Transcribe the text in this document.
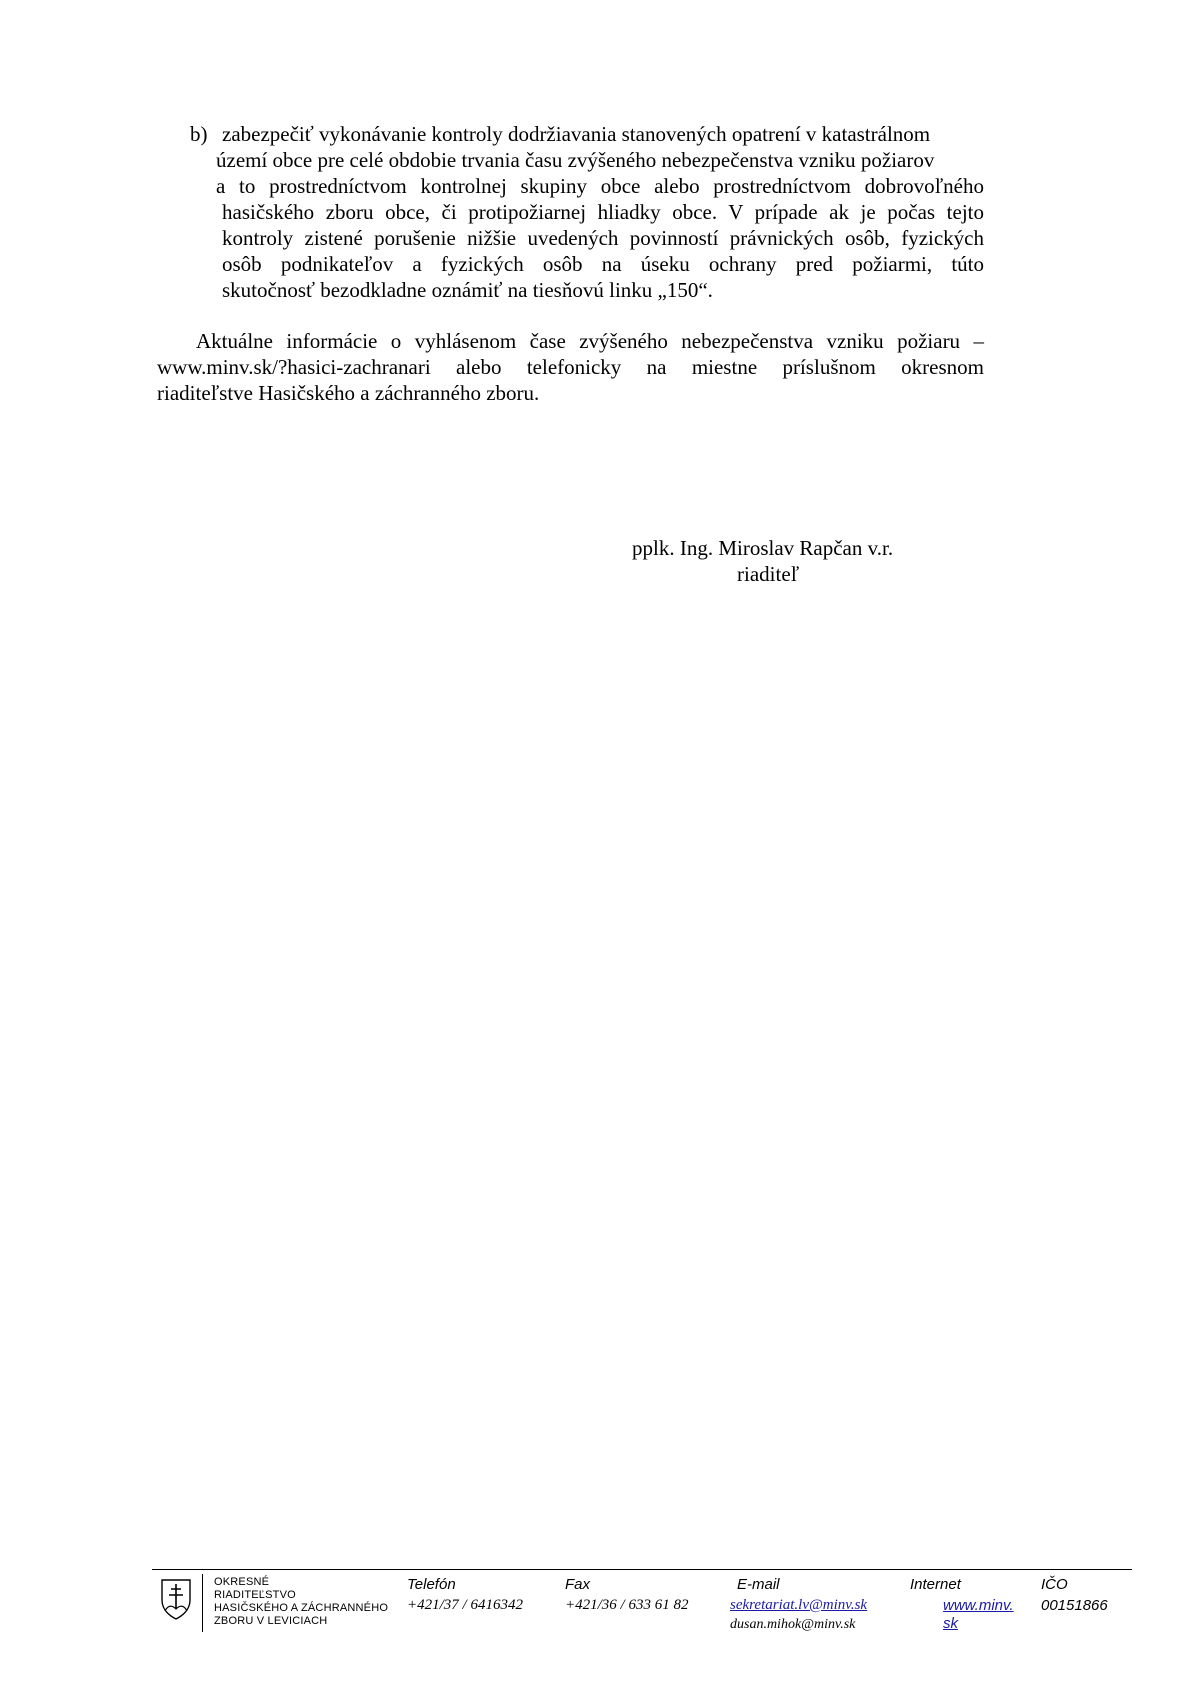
b) zabezpečiť vykonávanie kontroly dodržiavania stanovených opatrení v katastrálnom
území obce pre celé obdobie trvania času zvýšeného nebezpečenstva vzniku požiarov
a to prostredníctvom kontrolnej skupiny obce alebo prostredníctvom dobrovoľného
hasičského zboru obce, či protipožiarnej hliadky obce. V prípade ak je počas tejto
kontroly zistené porušenie nižšie uvedených povinností právnických osôb, fyzických
osôb podnikateľov a fyzických osôb na úseku ochrany pred požiarmi, túto
skutočnosť bezodkladne oznámiť na tiesňovú linku „150“.
Aktuálne informácie o vyhlásenom čase zvýšeného nebezpečenstva vzniku požiaru –
www.minv.sk/?hasici-zachranari alebo telefonicky na miestne príslušnom okresnom
riaditeľstve Hasičského a záchranného zboru.
pplk. Ing. Miroslav Rapčan v.r.
riaditeľ
OKRESNÉ
RIADITEĽSTVO
HASIČSKÉHO A ZÁCHRANNÉHO
ZBORU V LEVICIACH
Telefón
+421/37 / 6416342
Fax
+421/36 / 633 61 82
E-mail
sekretariat.lv@minv.sk
dusan.mihok@minv.sk
Internet
www.minv.
sk
IČO
00151866
